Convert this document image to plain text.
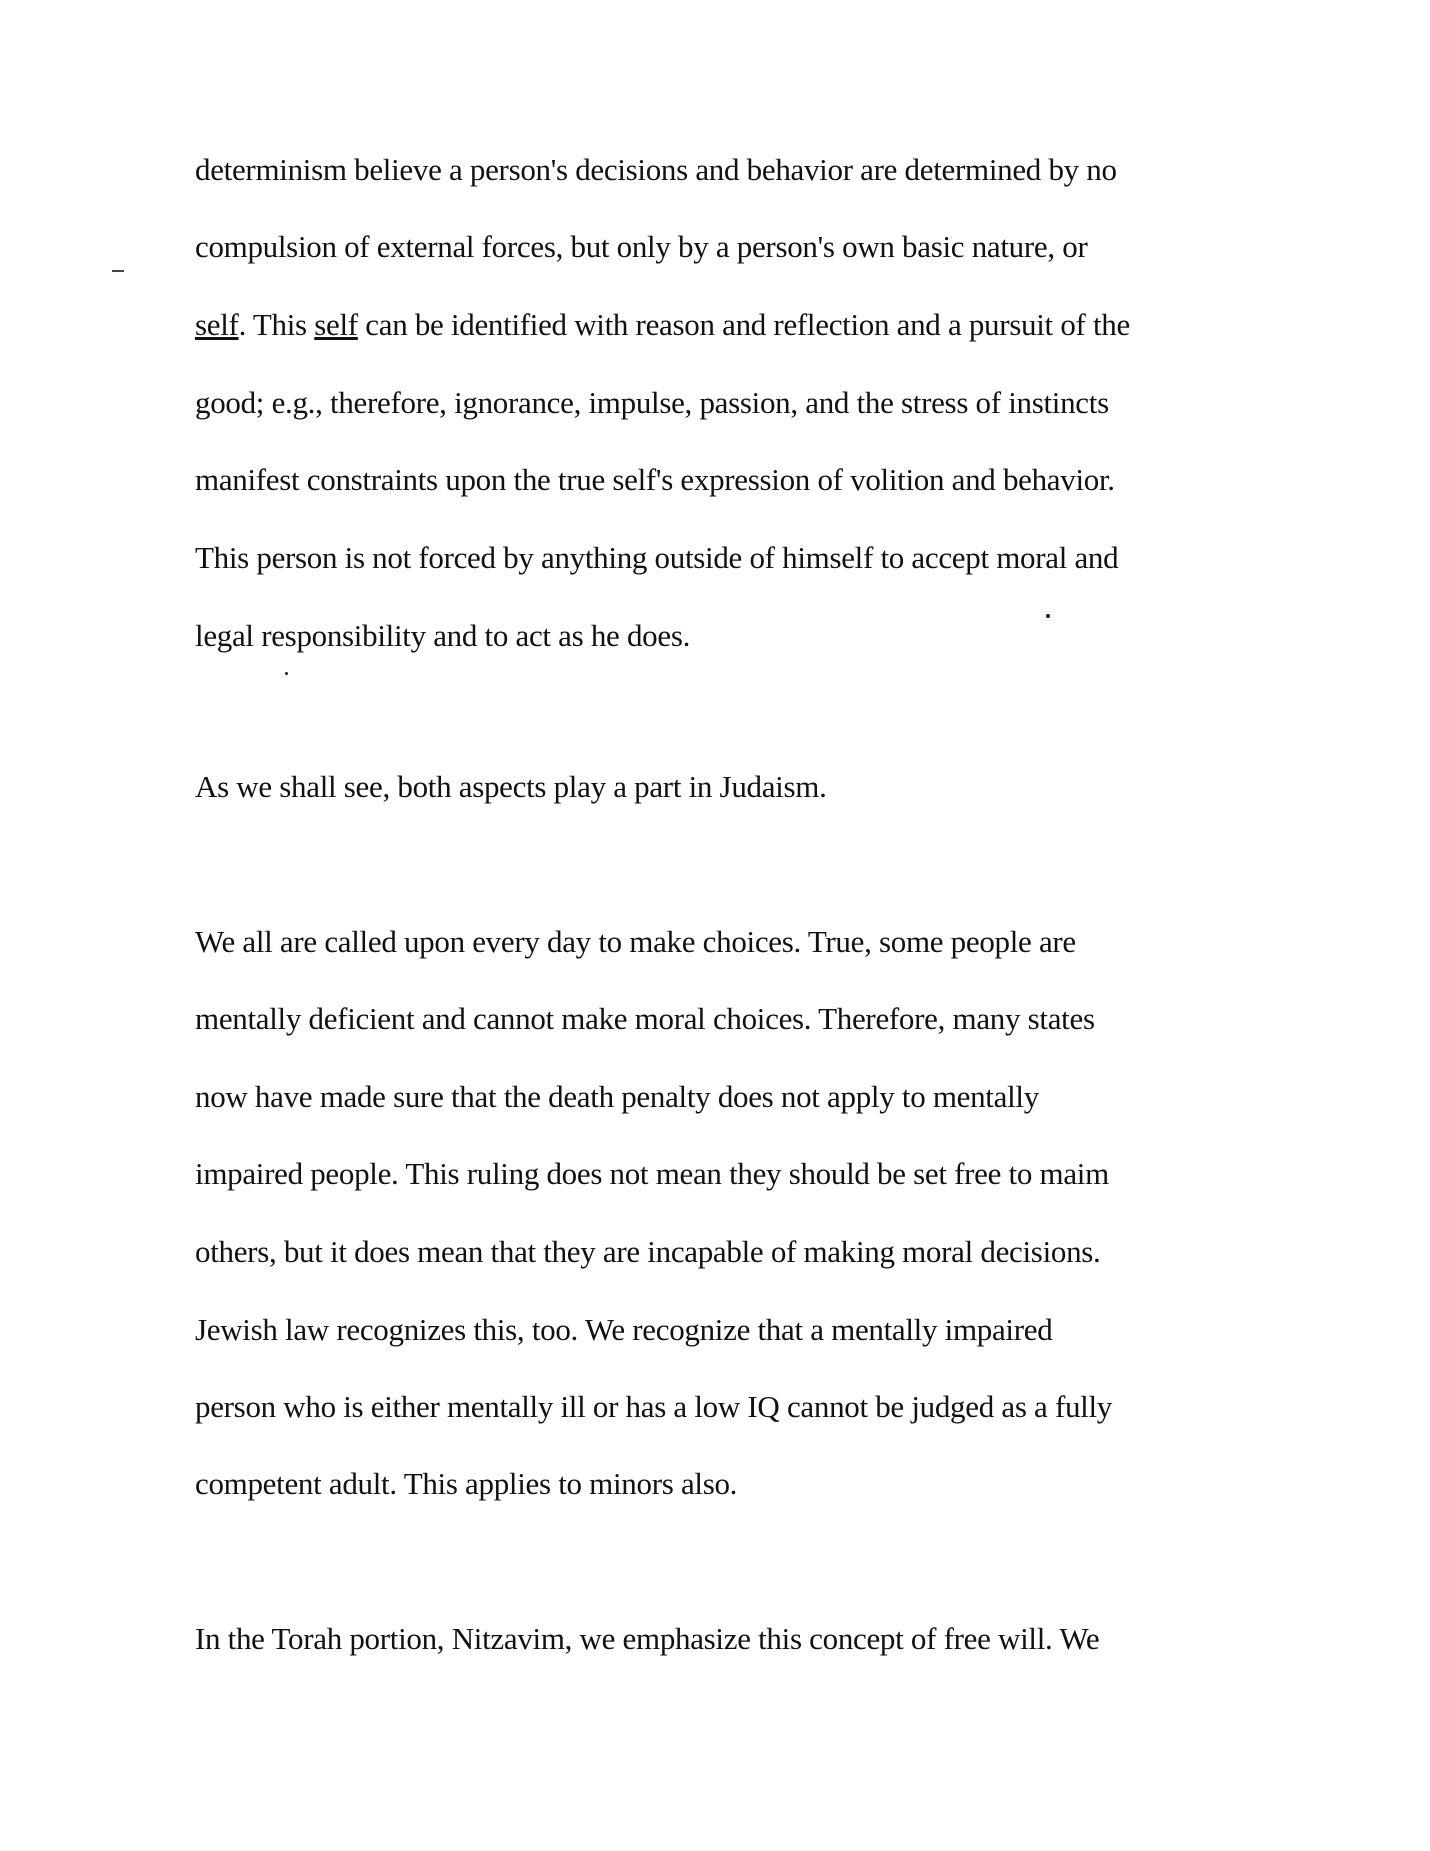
determinism believe a person's decisions and behavior are determined by no

compulsion of external forces, but only by a person's own basic nature, or

self. This self can be identified with reason and reflection and a pursuit of the

good; e.g., therefore, ignorance, impulse, passion, and the stress of instincts

manifest constraints upon the true self's expression of volition and behavior.

This person is not forced by anything outside of himself to accept moral and

legal responsibility and to act as he does.

As we shall see, both aspects play a part in Judaism.

We all are called upon every day to make choices. True, some people are

mentally deficient and cannot make moral choices. Therefore, many states

now have made sure that the death penalty does not apply to mentally

impaired people. This ruling does not mean they should be set free to maim

others, but it does mean that they are incapable of making moral decisions.

Jewish law recognizes this, too. We recognize that a mentally impaired

person who is either mentally ill or has a low IQ cannot be judged as a fully

competent adult. This applies to minors also.

In the Torah portion, Nitzavim, we emphasize this concept of free will. We
